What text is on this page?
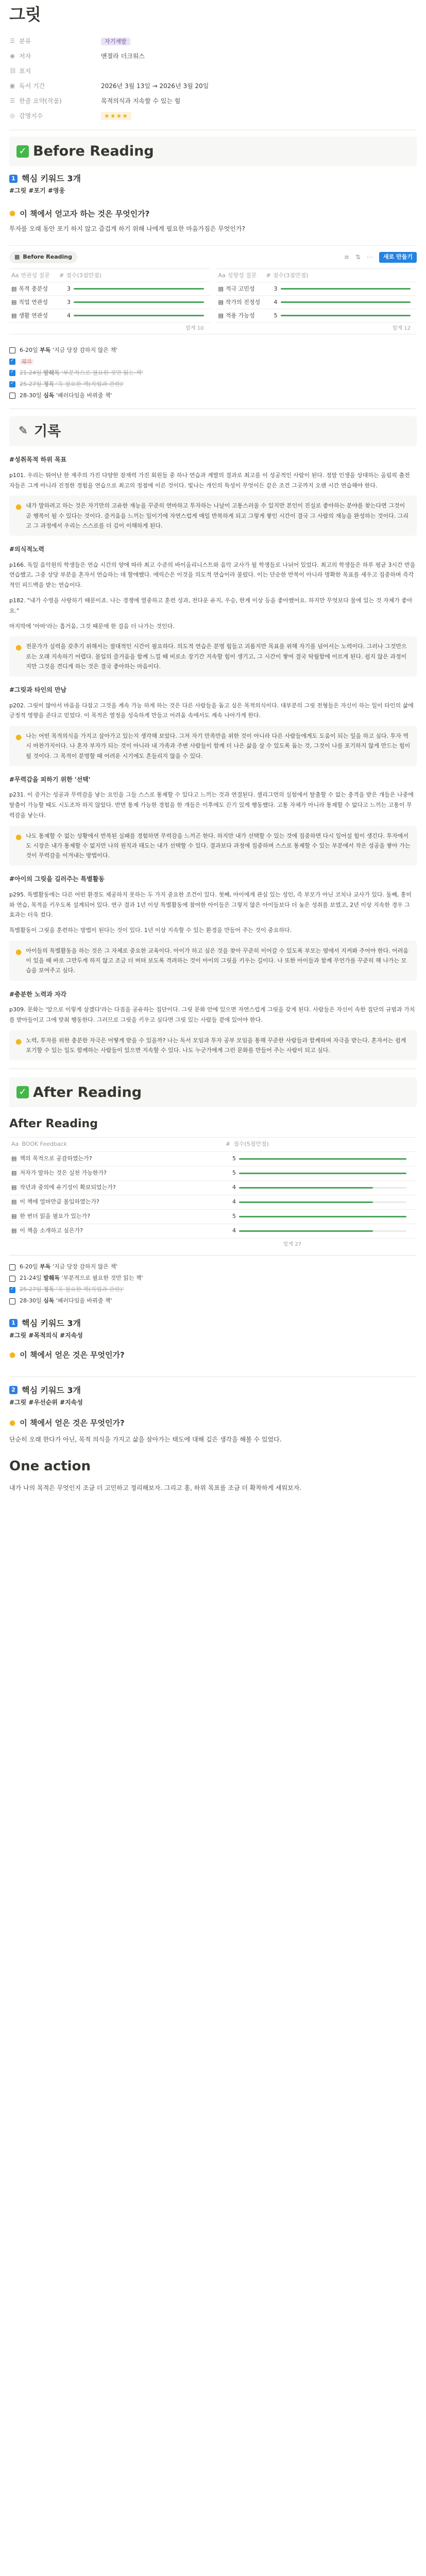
그릿
☰ 분류	자기계발
◉ 저자	앤절라 더크워스
⛓ 표지
▣ 독서 기간	2026년 3월 13일 → 2026년 3월 20일
☰ 한줄 요약(작품)	목적의식과 지속할 수 있는 힘
◎ 감명지수	★★★★
✓ Before Reading
1 핵심 키워드 3개
#그릿 #포기 #영웅
● 이 책에서 얻고자 하는 것은 무엇인가?

투자를 오래 동안 포기 하지 않고 즐겁게 하기 위해 나에게 필요한 마음가짐은 무엇인가?

▦ Before Reading	≡ ⇅ ⋯	새로 만들기
Aa 연관성 질문 # 점수(3점만점)
▤ 목적 충분성	3
▤ 직업 연관성	3
▤ 생활 연관성	4
Aa 성향성 질문 # 점수(3점만점)
▤ 적극 고민성	3
▤ 작가의 진정성	4
▤ 적용 가능성	5
합계 10	합계 12
6-20일 부독 '지금 당장 감하지 않은 책'
✓
평가
✓
21-24일 발췌독 '부분적으로 필요한 것만 읽는 책'
✓
25-27일 정독 '꼭 필요한 책(직업과 관련)'
28-30일 심독 '패러다임을 바꿔줄 책'
✎ 기록
#성취목적 하위 목표

p101. 우리는 뛰어난 한 재주의 가진 다양한 잠재력 가진 회원들 중 하나 연습과 계발의 결과로 최고를 이 성공적인 사람이 된다. 정말 인생을 상대하는 올림픽 출전 자들은 그게 아니라 진정한 경험을 연습으로 최고의 정점에 이른 것이다. 빛나는 개인의 특성이 무엇이든 같은 조건 그곳까지 오랜 시간 연습해야 한다.

● 내가 말하려고 하는 것은 자기만의 고유한 재능을 꾸준히 연마하고 투자하는 나날이 고통스러울 수 있지만 본인이 진실로 좋아하는 분야를 찾는다면 그것이 곧 행복이 될 수 있다는 것이다. 즐거움을 느끼는 일이기에 자연스럽게 매일 반복하게 되고 그렇게 쌓인 시간이 결국 그 사람의 재능을 완성하는 것이다. 그리고 그 과정에서 우리는 스스로를 더 깊이 이해하게 된다.
#의식적노력

p166. 독일 음악원의 학생들은 연습 시간의 양에 따라 최고 수준의 바이올리니스트와 음악 교사가 될 학생들로 나뉘어 있었다. 최고의 학생들은 하루 평균 3시간 반을 연습했고, 그중 상당 부분을 혼자서 연습하는 데 할애했다. 에릭슨은 이것을 의도적 연습이라 불렀다. 이는 단순한 반복이 아니라 명확한 목표를 세우고 집중하며 즉각적인 피드백을 받는 연습이다.

p182. "내가 수영을 사랑하기 때문이죠. 나는 경쟁에 열중하고 훈련 성과, 전다운 유지, 우승, 한계 이상 등을 좋아했어요. 하지만 무엇보다 물에 있는 것 자체가 좋아요."

마지막에 '아마'라는 흡거움, 그것 때문에 한 걸음 더 나가는 것인다.

● 전문가가 실력을 갖추기 위해서는 절대적인 시간이 필요하다. 의도적 연습은 분명 힘들고 괴롭지만 목표를 위해 자기를 넘어서는 노력이다. 그러나 그것만으로는 오래 지속하기 어렵다. 몰입의 즐거움을 함께 느낄 때 비로소 장기간 지속할 힘이 생기고, 그 시간이 쌓여 결국 탁월함에 이르게 된다. 쉽지 않은 과정이지만 그것을 견디게 하는 것은 결국 좋아하는 마음이다.
#그릿과 타인의 만남

p202. 그릿이 많아서 마음을 다잡고 그것을 계속 가능 하게 하는 것은 다른 사람들을 돕고 싶은 목적의식이다. 대부분의 그릿 전형들은 자신이 하는 일이 타인의 삶에 긍정적 영향을 준다고 믿었다. 이 목적은 열정을 성숙하게 만들고 어려움 속에서도 계속 나아가게 한다.

● 나는 어떤 목적의식을 가지고 살아가고 있는지 생각해 보았다. 그저 자기 만족만을 위한 것이 아니라 다른 사람들에게도 도움이 되는 일을 하고 싶다. 투자 역시 마찬가지이다. 나 혼자 부자가 되는 것이 아니라 내 가족과 주변 사람들이 함께 더 나은 삶을 살 수 있도록 돕는 것, 그것이 나를 포기하지 않게 만드는 힘이 될 것이다. 그 목적이 분명할 때 어려운 시기에도 흔들리지 않을 수 있다.
#무력감을 피하기 위한 '선택'

p231. 이 증거는 성공과 무력감을 낳는 요인을 그들 스스로 통제할 수 있다고 느끼는 것과 연결된다. 셀리그먼의 실험에서 탈출할 수 없는 충격을 받은 개들은 나중에 탈출이 가능할 때도 시도조차 하지 않았다. 반면 통제 가능한 경험을 한 개들은 이후에도 끈기 있게 행동했다. 고통 자체가 아니라 통제할 수 없다고 느끼는 고통이 무력감을 낳는다.

● 나도 통제할 수 없는 상황에서 반복된 실패를 경험하면 무력감을 느끼곤 한다. 하지만 내가 선택할 수 있는 것에 집중하면 다시 일어설 힘이 생긴다. 투자에서도 시장은 내가 통제할 수 없지만 나의 원칙과 태도는 내가 선택할 수 있다. 결과보다 과정에 집중하며 스스로 통제할 수 있는 부분에서 작은 성공을 쌓아 가는 것이 무력감을 이겨내는 방법이다.
#아이의 그릿을 길러주는 특별활동

p295. 특별활동에는 다른 어떤 환경도 제공하지 못하는 두 가지 중요한 조건이 있다. 첫째, 아이에게 관심 있는 성인, 즉 부모가 아닌 코치나 교사가 있다. 둘째, 흥미와 연습, 목적을 키우도록 설계되어 있다. 연구 결과 1년 이상 특별활동에 참여한 아이들은 그렇지 않은 아이들보다 더 높은 성취를 보였고, 2년 이상 지속한 경우 그 효과는 더욱 컸다.

특별활동이 그릿을 훈련하는 방법이 된다는 것이 있다. 1년 이상 지속할 수 있는 환경을 만들어 주는 것이 중요하다.

● 아이들의 특별활동을 하는 것은 그 자체로 중요한 교육이다. 아이가 하고 싶은 것을 찾아 꾸준히 이어갈 수 있도록 부모는 옆에서 지켜봐 주어야 한다. 어려움이 있을 때 바로 그만두게 하지 않고 조금 더 버텨 보도록 격려하는 것이 아이의 그릿을 키우는 길이다. 나 또한 아이들과 함께 무언가를 꾸준히 해 나가는 모습을 보여주고 싶다.
#충분한 노력과 자각

p309. 문화는 '앞으로 이렇게 살겠다'라는 다짐을 공유하는 집단이다. 그릿 문화 안에 있으면 자연스럽게 그릿을 갖게 된다. 사람들은 자신이 속한 집단의 규범과 가치를 받아들이고 그에 맞춰 행동한다. 그러므로 그릿을 키우고 싶다면 그릿 있는 사람들 곁에 있어야 한다.

● 노력, 투자를 위한 충분한 자극은 어떻게 받을 수 있을까? 나는 독서 모임과 투자 공부 모임을 통해 꾸준한 사람들과 함께하며 자극을 받는다. 혼자서는 쉽게 포기할 수 있는 일도 함께하는 사람들이 있으면 지속할 수 있다. 나도 누군가에게 그런 문화를 만들어 주는 사람이 되고 싶다.
✓ After Reading
After Reading
Aa BOOK Feedback	# 점수(5점만점)
▤ 책의 목적으로 공감하였는가?	5
▤ 저자가 말하는 것은 실천 가능한가?	5
▤ 작년과 중의에 유기성이 확보되었는가?	4
▤ 이 책에 얼마만큼 몰입하였는가?	4
▤ 한 번더 읽을 필요가 있는가?	5
▤ 이 책을 소개하고 싶은가?	4
합계 27
6-20일 부독 '지금 당장 감하지 않은 책'
21-24일 발췌독 '부분적으로 필요한 것만 읽는 책'
✓
25-27일 정독 '꼭 필요한 책(직업과 관련)'
28-30일 심독 '패러다임을 바꿔줄 책'
1 핵심 키워드 3개
#그릿 #목적의식 #지속성
● 이 책에서 얻은 것은 무엇인가?
2 핵심 키워드 3개
#그릿 #우선순위 #지속성
● 이 책에서 얻은 것은 무엇인가?

단순히 오래 한다가 아닌, 목적 의식을 가지고 삶을 살아가는 태도에 대해 깊은 생각을 해볼 수 있었다.

One action

내가 나의 목적은 무엇인지 조금 더 고민하고 정리해보자. 그리고 홍, 하위 목표를 조금 더 확착하게 세워보자.
